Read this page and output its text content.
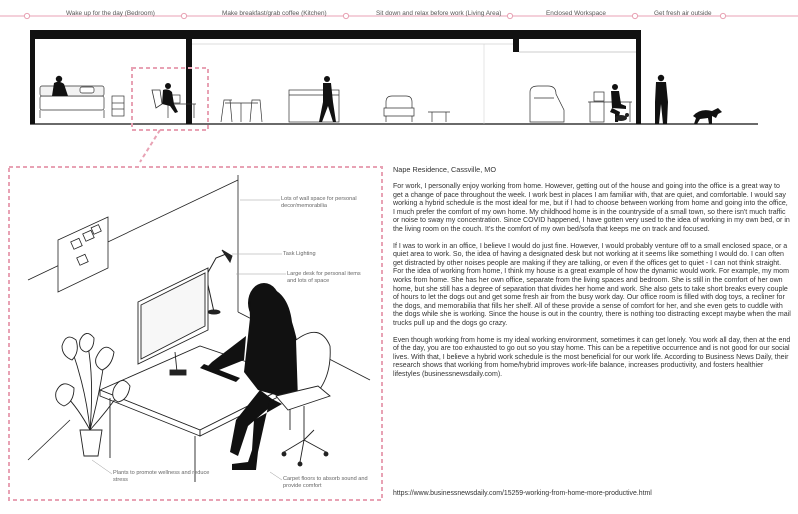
Wake up for the day (Bedroom)	Make breakfast/grab coffee (Kitchen)	Sit down and relax before work (Living Area)	Enclosed Workspace	Get fresh air outside
Lots of wall space for personal decor/memorabilia
Task Lighting
Large desk for personal items and lots of space
Plants to promote wellness and reduce stress	Carpet floors to absorb sound and provide comfort
Nape Residence, Cassville, MO

For work, I personally enjoy working from home. However, getting out of the house and going into the office is a great way to get a change of pace throughout the week. I work best in places I am familiar with, that are quiet, and comfortable. I would say working a hybrid schedule is the most ideal for me, but if I had to choose between working from home and going into the office, I much prefer the comfort of my own home. My childhood home is in the countryside of a small town, so there isn't much traffic or noise to sway my concentration. Since COVID happened, I have gotten very used to the idea of working in my own bed, or in the living room on the couch. It's the comfort of my own bed/sofa that keeps me on track and focused.

If I was to work in an office, I believe I would do just fine. However, I would probably venture off to a small enclosed space, or a quiet area to work. So, the idea of having a designated desk but not working at it seems like something I would do. I can often get distracted by other noises people are making if they are talking, or even if the offices get to quiet - I can not think straight. For the idea of working from home, I think my house is a great example of how the dynamic would work. For example, my mom works from home. She has her own office, separate from the living spaces and bedroom. She is still in the comfort of her own home, but she still has a degree of separation that divides her home and work. She also gets to take short breaks every couple of hours to let the dogs out and get some fresh air from the busy work day. Our office room is filled with dog toys, a recliner for the dogs, and memorabilia that fills her shelf. All of these provide a sense of comfort for her, and she even gets to cuddle with the dogs while she is working. Since the house is out in the country, there is nothing too distracting except maybe when the mail trucks pull up and the dogs go crazy.

Even though working from home is my ideal working environment, sometimes it can get lonely. You work all day, then at the end of the day, you are too exhausted to go out so you stay home. This can be a repetitive occurrence and is not good for our social lives. With that, I believe a hybrid work schedule is the most beneficial for our work life. According to Business News Daily, their research shows that working from home/hybrid improves work-life balance, increases productivity, and fosters healthier lifestyles (businessnewsdaily.com).

https://www.businessnewsdaily.com/15259-working-from-home-more-productive.html
